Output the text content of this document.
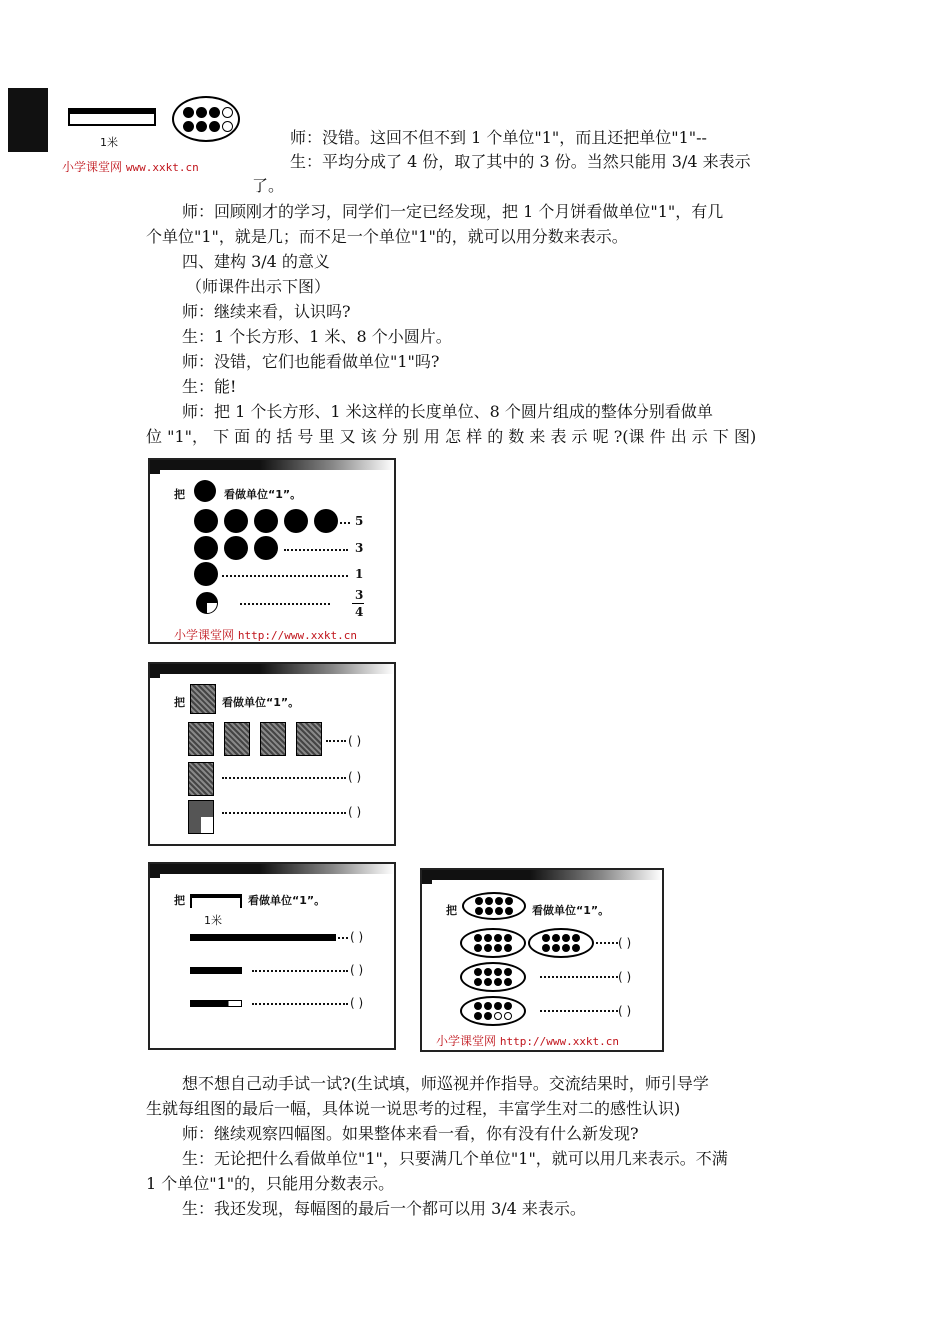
1米
小学课堂网 www.xxkt.cn
师：没错。这回不但不到 1 个单位"1"，而且还把单位"1"--
生：平均分成了 4 份，取了其中的 3 份。当然只能用 3/4 来表示
了。
师：回顾刚才的学习，同学们一定已经发现，把 1 个月饼看做单位"1"，有几
个单位"1"，就是几；而不足一个单位"1"的，就可以用分数来表示。
四、建构 3/4 的意义
（师课件出示下图）
师：继续来看，认识吗?
生：1 个长方形、1 米、8 个小圆片。
师：没错，它们也能看做单位"1"吗?
生：能!
师：把 1 个长方形、1 米这样的长度单位、8 个圆片组成的整体分别看做单
位 "1"， 下 面 的 括 号 里 又 该 分 别 用 怎 样 的 数 来 表 示 呢 ?(课 件 出 示 下 图)
把	看做单位“1”。
5
3
1
3
4
小学课堂网 http://www.xxkt.cn
把	看做单位“1”。
( )
( )
( )
把
1米
看做单位“1”。
( )
( )
( )
把	看做单位“1”。
( )
( )
( )
小学课堂网 http://www.xxkt.cn
想不想自己动手试一试?(生试填，师巡视并作指导。交流结果时，师引导学
生就每组图的最后一幅，具体说一说思考的过程，丰富学生对二的感性认识)
师：继续观察四幅图。如果整体来看一看，你有没有什么新发现?
生：无论把什么看做单位"1"，只要满几个单位"1"，就可以用几来表示。不满
1 个单位"1"的，只能用分数表示。
生：我还发现，每幅图的最后一个都可以用 3/4 来表示。
